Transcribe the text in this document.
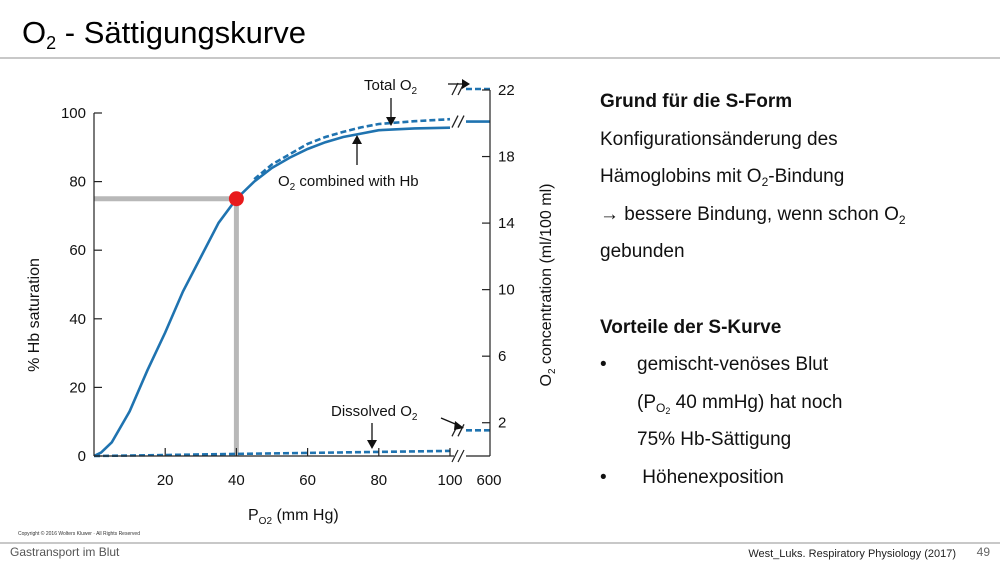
$O_2$ - Sättigungskurve
0
20
40
60
80
100
2
6
10
14
18
22
20	40	60	80	100 600
$P_{O2}$ (mm Hg)
% Hb saturation
$O_2$ concentration (ml/100 ml)
Total $O_2$
$O_2$ combined with Hb
Dissolved $O_2$
Copyright © 2016 Wolters Kluwer · All Rights Reserved
Grund für die S-Form
Konfigurationsänderung des
Hämoglobins mit $O_2$-Bindung
→ bessere Bindung, wenn schon $O_2$
gebunden
Vorteile der S-Kurve
• gemischt-venöses Blut
($P_{O2}$ 40 mmHg) hat noch
75% Hb-Sättigung
• Höhenexposition
Gastransport im Blut	West_Luks. Respiratory Physiology (2017) 49
